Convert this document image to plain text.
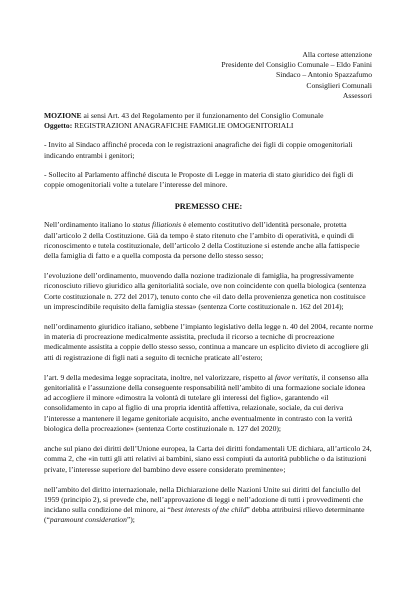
Alla cortese attenzione
Presidente del Consiglio Comunale – Eldo Fanini
Sindaco – Antonio Spazzafumo
Consiglieri Comunali
Assessori
MOZIONE ai sensi Art. 43 del Regolamento per il funzionamento del Consiglio Comunale
Oggetto: REGISTRAZIONI ANAGRAFICHE FAMIGLIE OMOGENITORIALI

- Invito al Sindaco affinché proceda con le registrazioni anagrafiche dei figli di coppie omogenitoriali indicando entrambi i genitori;

- Sollecito al Parlamento affinché discuta le Proposte di Legge in materia di stato giuridico dei figli di coppie omogenitoriali volte a tutelare l’interesse del minore.

PREMESSO CHE:

Nell’ordinamento italiano lo status filiationis è elemento costitutivo dell’identità personale, protetta dall’articolo 2 della Costituzione. Già da tempo è stato ritenuto che l’ambito di operatività, e quindi di riconoscimento e tutela costituzionale, dell’articolo 2 della Costituzione si estende anche alla fattispecie della famiglia di fatto e a quella composta da persone dello stesso sesso;

l’evoluzione dell’ordinamento, muovendo dalla nozione tradizionale di famiglia, ha progressivamente riconosciuto rilievo giuridico alla genitorialità sociale, ove non coincidente con quella biologica (sentenza Corte costituzionale n. 272 del 2017), tenuto conto che «il dato della provenienza genetica non costituisce un imprescindibile requisito della famiglia stessa» (sentenza Corte costituzionale n. 162 del 2014);

nell’ordinamento giuridico italiano, sebbene l’impianto legislativo della legge n. 40 del 2004, recante norme in materia di procreazione medicalmente assistita, precluda il ricorso a tecniche di procreazione medicalmente assistita a coppie dello stesso sesso, continua a mancare un esplicito divieto di accogliere gli atti di registrazione di figli nati a seguito di tecniche praticate all’estero;

l’art. 9 della medesima legge sopracitata, inoltre, nel valorizzare, rispetto al favor veritatis, il consenso alla genitorialità e l’assunzione della conseguente responsabilità nell’ambito di una formazione sociale idonea ad accogliere il minore «dimostra la volontà di tutelare gli interessi del figlio», garantendo «il consolidamento in capo al figlio di una propria identità affettiva, relazionale, sociale, da cui deriva l’interesse a mantenere il legame genitoriale acquisito, anche eventualmente in contrasto con la verità biologica della procreazione» (sentenza Corte costituzionale n. 127 del 2020);

anche sul piano dei diritti dell’Unione europea, la Carta dei diritti fondamentali UE dichiara, all’articolo 24, comma 2, che «in tutti gli atti relativi ai bambini, siano essi compiuti da autorità pubbliche o da istituzioni private, l’interesse superiore del bambino deve essere considerato preminente»;

nell’ambito del diritto internazionale, nella Dichiarazione delle Nazioni Unite sui diritti del fanciullo del 1959 (principio 2), si prevede che, nell’approvazione di leggi e nell’adozione di tutti i provvedimenti che incidano sulla condizione del minore, ai “best interests of the child” debba attribuirsi rilievo determinante (“paramount consideration”);
